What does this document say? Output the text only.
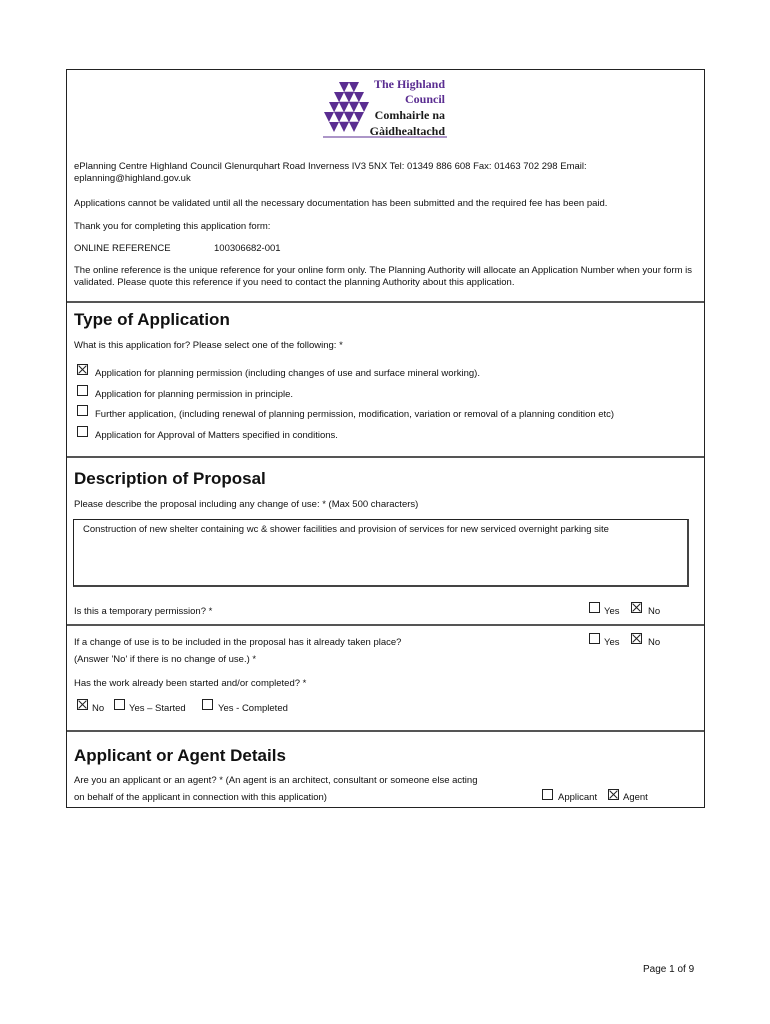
The Highland
Council
Comhairle na
Gàidhealtachd
ePlanning Centre Highland Council Glenurquhart Road Inverness IV3 5NX Tel: 01349 886 608 Fax: 01463 702 298 Email: eplanning@highland.gov.uk
Applications cannot be validated until all the necessary documentation has been submitted and the required fee has been paid.
Thank you for completing this application form:
ONLINE REFERENCE	100306682-001
The online reference is the unique reference for your online form only. The Planning Authority will allocate an Application Number when your form is validated. Please quote this reference if you need to contact the planning Authority about this application.
Type of Application
What is this application for? Please select one of the following: *
Application for planning permission (including changes of use and surface mineral working).
Application for planning permission in principle.
Further application, (including renewal of planning permission, modification, variation or removal of a planning condition etc)
Application for Approval of Matters specified in conditions.
Description of Proposal
Please describe the proposal including any change of use: * (Max 500 characters)
Construction of new shelter containing wc & shower facilities and provision of services for new serviced overnight parking site
Is this a temporary permission? *	Yes	No
If a change of use is to be included in the proposal has it already taken place?
(Answer 'No' if there is no change of use.) *
Yes	No
Has the work already been started and/or completed? *
No	Yes – Started	Yes - Completed
Applicant or Agent Details
Are you an applicant or an agent? * (An agent is an architect, consultant or someone else acting
on behalf of the applicant in connection with this application)	Applicant	Agent
Page 1 of 9
